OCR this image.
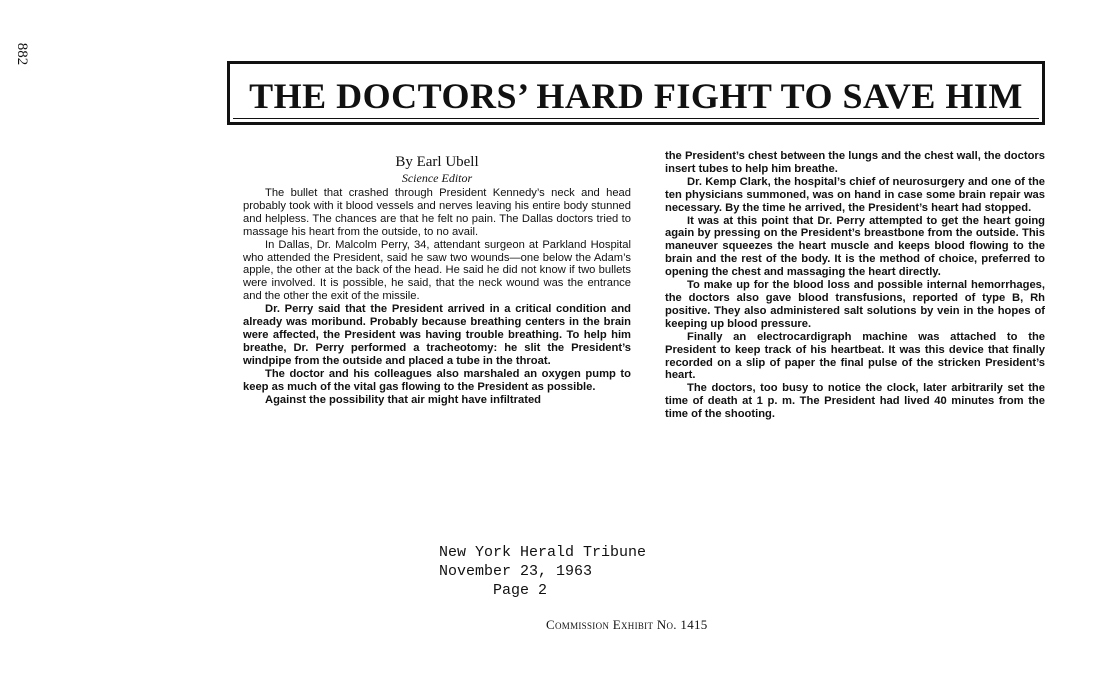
882
THE DOCTORS’ HARD FIGHT TO SAVE HIM

By Earl Ubell

Science Editor

The bullet that crashed through President Kennedy’s neck and head probably took with it blood vessels and nerves leaving his entire body stunned and helpless. The chances are that he felt no pain. The Dallas doctors tried to massage his heart from the outside, to no avail.

In Dallas, Dr. Malcolm Perry, 34, attendant surgeon at Parkland Hospital who attended the President, said he saw two wounds—one below the Adam’s apple, the other at the back of the head. He said he did not know if two bullets were involved. It is possible, he said, that the neck wound was the entrance and the other the exit of the missile.

Dr. Perry said that the President arrived in a critical condition and already was moribund. Probably because breathing centers in the brain were affected, the President was having trouble breathing. To help him breathe, Dr. Perry performed a tracheotomy: he slit the President’s windpipe from the outside and placed a tube in the throat.

The doctor and his colleagues also marshaled an oxygen pump to keep as much of the vital gas flowing to the President as possible.

Against the possibility that air might have infiltrated

the President’s chest between the lungs and the chest wall, the doctors insert tubes to help him breathe.

Dr. Kemp Clark, the hospital’s chief of neurosurgery and one of the ten physicians summoned, was on hand in case some brain repair was necessary. By the time he arrived, the President’s heart had stopped.

It was at this point that Dr. Perry attempted to get the heart going again by pressing on the President’s breastbone from the outside. This maneuver squeezes the heart muscle and keeps blood flowing to the brain and the rest of the body. It is the method of choice, preferred to opening the chest and massaging the heart directly.

To make up for the blood loss and possible internal hemorrhages, the doctors also gave blood transfusions, reported of type B, Rh positive. They also administered salt solutions by vein in the hopes of keeping up blood pressure.

Finally an electrocardigraph machine was attached to the President to keep track of his heartbeat. It was this device that finally recorded on a slip of paper the final pulse of the stricken President’s heart.

The doctors, too busy to notice the clock, later arbitrarily set the time of death at 1 p. m. The President had lived 40 minutes from the time of the shooting.

New York Herald Tribune
November 23, 1963
Page 2

Commission Exhibit No. 1415
